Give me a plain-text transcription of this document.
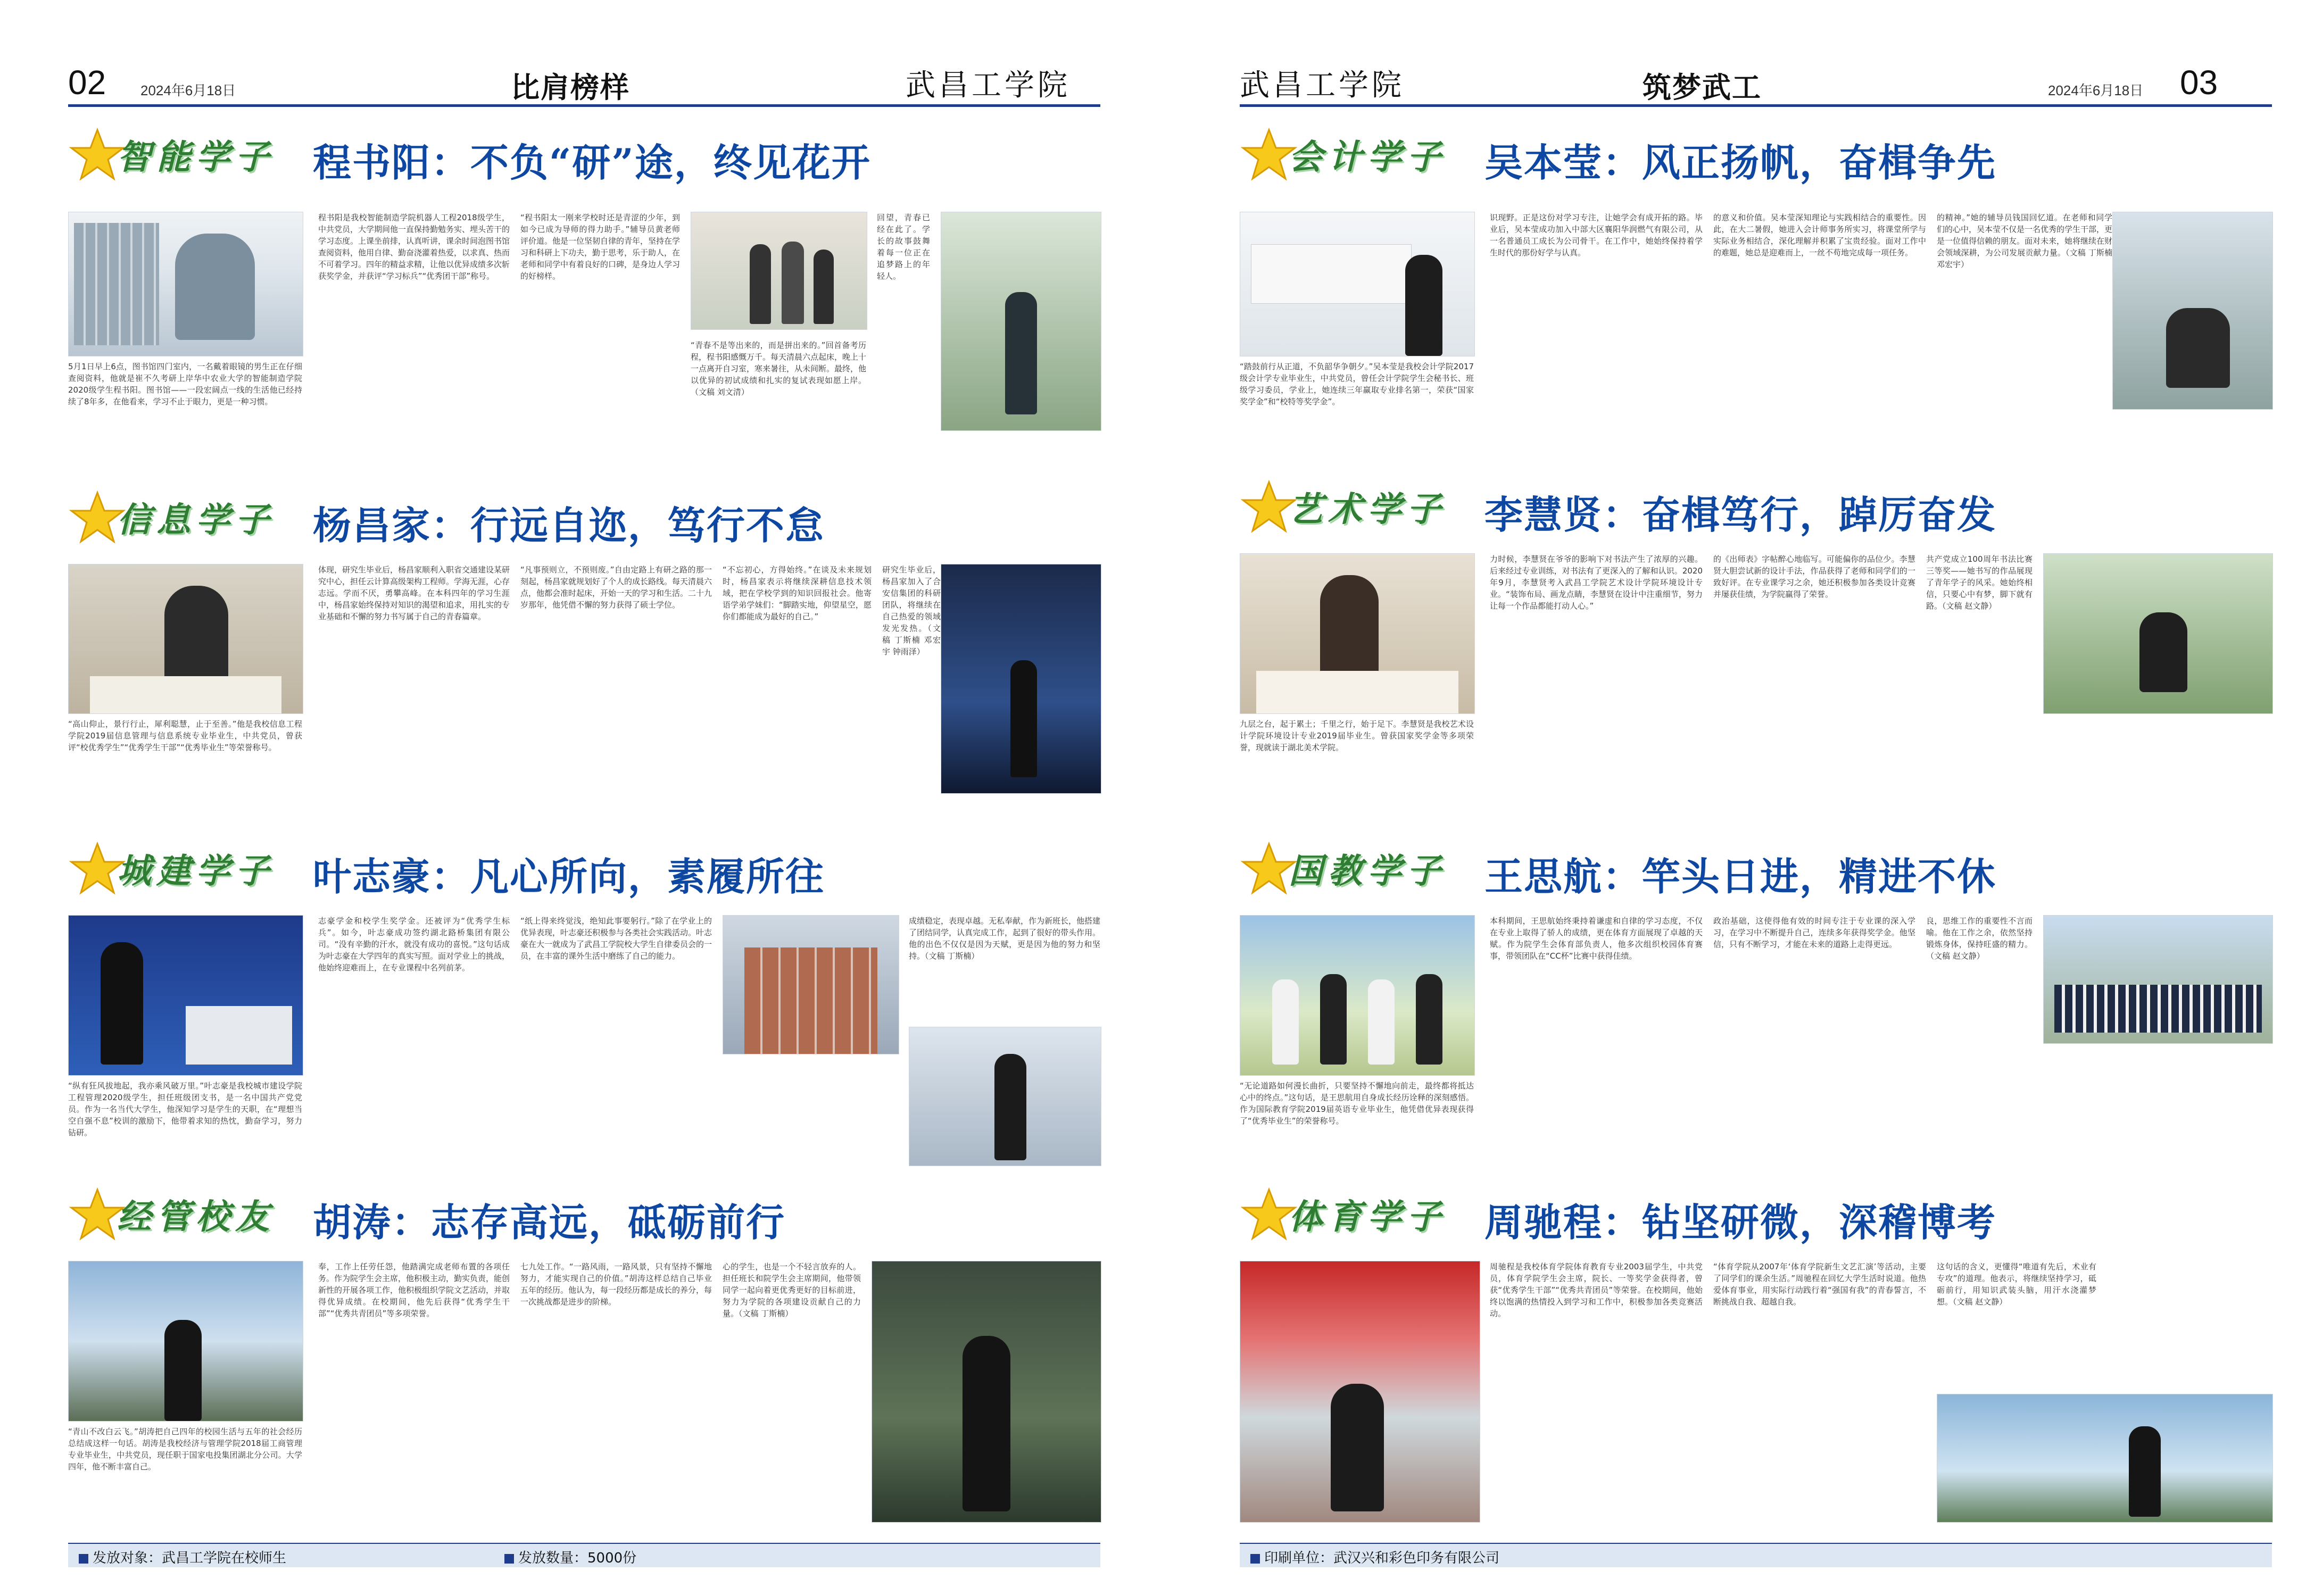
02 2024年6月18日	比肩榜样	武昌工学院
智能学子 程书阳：不负“研”途，终见花开
5月1日早上6点，图书馆四门室内，一名戴着眼镜的男生正在仔细查阅资料，他就是崔不久考研上岸华中农业大学的智能制造学院2020级学生程书阳。图书馆——一段宏阔点一线的生活他已经持续了8年多，在他看来，学习不止于眼力，更是一种习惯。
程书阳是我校智能制造学院机器人工程2018级学生，中共党员，大学期间他一直保持勤勉务实、埋头苦干的学习态度。上课坐前排，认真听讲，课余时间泡图书馆查阅资料，他用自律、勤奋浇灌着热爱，以求真、热而不可着学习。四年的精益求精，让他以优异成绩多次斩获奖学金，并获评“学习标兵”“优秀团干部”称号。
“程书阳太一刚来学校时还是青涩的少年，到如今已成为导师的得力助手。”辅导员黄老师评价道。他是一位坚韧自律的青年，坚持在学习和科研上下功夫，勤于思考，乐于助人，在老师和同学中有着良好的口碑，是身边人学习的好榜样。
“青春不是等出来的，而是拼出来的。”回首备考历程，程书阳感慨万千。每天清晨六点起床，晚上十一点离开自习室，寒来暑往，从未间断。最终，他以优异的初试成绩和扎实的复试表现如愿上岸。（文稿 刘文清）
回望，青春已经在此了。学长的故事鼓舞着每一位正在追梦路上的年轻人。
信息学子 杨昌家：行远自迩，笃行不怠
“高山仰止，景行行止，犀利聪慧，止于至善。”他是我校信息工程学院2019届信息管理与信息系统专业毕业生，中共党员，曾获评“校优秀学生”“优秀学生干部”“优秀毕业生”等荣誉称号。
体现，研究生毕业后，杨昌家顺利入职省交通建设某研究中心，担任云计算高级架构工程师。学海无涯，心存志远。学而不厌，勇攀高峰。在本科四年的学习生涯中，杨昌家始终保持对知识的渴望和追求，用扎实的专业基础和不懈的努力书写属于自己的青春篇章。
“凡事预则立，不预则废。”自由定路上有研之路的那一刻起，杨昌家就规划好了个人的成长路线。每天清晨六点，他都会准时起床，开始一天的学习和生活。二十九岁那年，他凭借不懈的努力获得了硕士学位。
“不忘初心，方得始终。”在谈及未来规划时，杨昌家表示将继续深耕信息技术领域，把在学校学到的知识回报社会。他寄语学弟学妹们：“脚踏实地，仰望星空，愿你们都能成为最好的自己。”
研究生毕业后，杨昌家加入了合安信集团的科研团队，将继续在自己热爱的领域发光发热。（文稿 丁斯楠 邓宏宇 钟雨泽）
城建学子 叶志豪：凡心所向，素履所往
“纵有狂风拔地起，我亦乘风破万里。”叶志豪是我校城市建设学院工程管理2020级学生，担任班级团支书，是一名中国共产党党员。作为一名当代大学生，他深知学习是学生的天职，在“理想当空自强不息”校训的激励下，他带着求知的热忱，勤奋学习，努力钻研。
志豪学金和校学生奖学金。还被评为“优秀学生标兵”。如今，叶志豪成功签约湖北路桥集团有限公司。“没有辛勤的汗水，就没有成功的喜悦。”这句话成为叶志豪在大学四年的真实写照。面对学业上的挑战，他始终迎难而上，在专业课程中名列前茅。
“纸上得来终觉浅，绝知此事要躬行。”除了在学业上的优异表现，叶志豪还积极参与各类社会实践活动。叶志豪在大一就成为了武昌工学院校大学生自律委员会的一员，在丰富的课外生活中磨练了自己的能力。
成绩稳定，表现卓越。无私奉献，作为新班长，他搭建了团结同学，认真完成工作，起到了很好的带头作用。他的出色不仅仅是因为天赋，更是因为他的努力和坚持。（文稿 丁斯楠）
经管校友 胡涛：志存高远，砥砺前行
“青山不改白云飞。”胡涛把自己四年的校园生活与五年的社会经历总结成这样一句话。胡涛是我校经济与管理学院2018届工商管理专业毕业生，中共党员，现任职于国家电投集团湖北分公司。大学四年，他不断丰富自己。
奉，工作上任劳任怨，他踏满完成老师布置的各项任务。作为院学生会主席，他积极主动，勤实负责，能创新性的开展各项工作，他积极组织学院文艺活动，并取得优异成绩。在校期间，他先后获得“优秀学生干部”“优秀共青团员”等多项荣誉。
七九处工作。“一路风雨，一路风景，只有坚持不懈地努力，才能实现自己的价值。”胡涛这样总结自己毕业五年的经历。他认为，每一段经历都是成长的养分，每一次挑战都是进步的阶梯。
心的学生，也是一个不轻言放弃的人。担任班长和院学生会主席期间，他带领同学一起向着更优秀更好的目标前进，努力为学院的各项建设贡献自己的力量。（文稿 丁斯楠）
发放对象：武昌工学院在校师生	发放数量：5000份
武昌工学院	筑梦武工	2024年6月18日 03
会计学子 吴本莹：风正扬帆，奋楫争先
“踏鼓前行从正道，不负韶华争朝夕。”吴本莹是我校会计学院2017级会计学专业毕业生，中共党员，曾任会计学院学生会秘书长、班级学习委员，学业上，她连续三年赢取专业排名第一，荣获“国家奖学金”和“校特等奖学金”。
识现野。正是这份对学习专注，让她学会有成开拓的路。毕业后，吴本莹成功加入中部大区襄阳华润燃气有限公司，从一名普通员工成长为公司骨干。在工作中，她始终保持着学生时代的那份好学与认真。
的意义和价值。吴本莹深知理论与实践相结合的重要性。因此，在大二暑假，她进入会计师事务所实习，将课堂所学与实际业务相结合，深化理解并积累了宝贵经验。面对工作中的难题，她总是迎难而上，一丝不苟地完成每一项任务。
的精神。”她的辅导员钱国回忆道。在老师和同学们的心中，吴本莹不仅是一名优秀的学生干部，更是一位值得信赖的朋友。面对未来，她将继续在财会领域深耕，为公司发展贡献力量。（文稿 丁斯楠 邓宏宇）
艺术学子 李慧贤：奋楫笃行，踔厉奋发
九层之台，起于累土；千里之行，始于足下。李慧贤是我校艺术设计学院环境设计专业2019届毕业生。曾获国家奖学金等多项荣誉，现就读于湖北美术学院。
力时候，李慧贤在爷爷的影响下对书法产生了浓厚的兴趣。后来经过专业训练，对书法有了更深入的了解和认识。2020年9月，李慧贤考入武昌工学院艺术设计学院环境设计专业。“装饰布局、画龙点睛，李慧贤在设计中注重细节，努力让每一个作品都能打动人心。”
的《出师表》字帖醉心地临写。可能偏你的品位少。李慧贤大胆尝试新的设计手法，作品获得了老师和同学们的一致好评。在专业课学习之余，她还积极参加各类设计竞赛并屡获佳绩，为学院赢得了荣誉。
共产党成立100周年书法比赛三等奖——她书写的作品展现了青年学子的风采。她始终相信，只要心中有梦，脚下就有路。（文稿 赵文静）
国教学子 王思航：竿头日进，精进不休
“无论道路如何漫长曲折，只要坚持不懈地向前走，最终都将抵达心中的终点。”这句话，是王思航用自身成长经历诠释的深刻感悟。作为国际教育学院2019届英语专业毕业生，他凭借优异表现获得了“优秀毕业生”的荣誉称号。
本科期间，王思航始终秉持着谦虚和自律的学习态度，不仅在专业上取得了骄人的成绩，更在体育方面展现了卓越的天赋。作为院学生会体育部负责人，他多次组织校园体育赛事，带领团队在“CC杯”比赛中获得佳绩。
政治基础，这使得他有效的时间专注于专业课的深入学习，在学习中不断提升自己，连续多年获得奖学金。他坚信，只有不断学习，才能在未来的道路上走得更远。
良，思维工作的重要性不言而喻。他在工作之余，依然坚持锻炼身体，保持旺盛的精力。（文稿 赵文静）
体育学子 周驰程：钻坚研微，深稽博考
周驰程是我校体育学院体育教育专业2003届学生，中共党员，体育学院学生会主席，院长、一等奖学金获得者，曾获“优秀学生干部”“优秀共青团员”等荣誉。在校期间，他始终以饱满的热情投入到学习和工作中，积极参加各类竞赛活动。
“体育学院从2007年‘体育学院新生文艺汇演’等活动，主要了同学们的课余生活。”周驰程在回忆大学生活时说道。他热爱体育事业，用实际行动践行着“强国有我”的青春誓言，不断挑战自我、超越自我。
这句话的含义，更懂得“唯道有先后，术业有专攻”的道理。他表示，将继续坚持学习，砥砺前行，用知识武装头脑，用汗水浇灌梦想。（文稿 赵文静）
印刷单位：武汉兴和彩色印务有限公司
